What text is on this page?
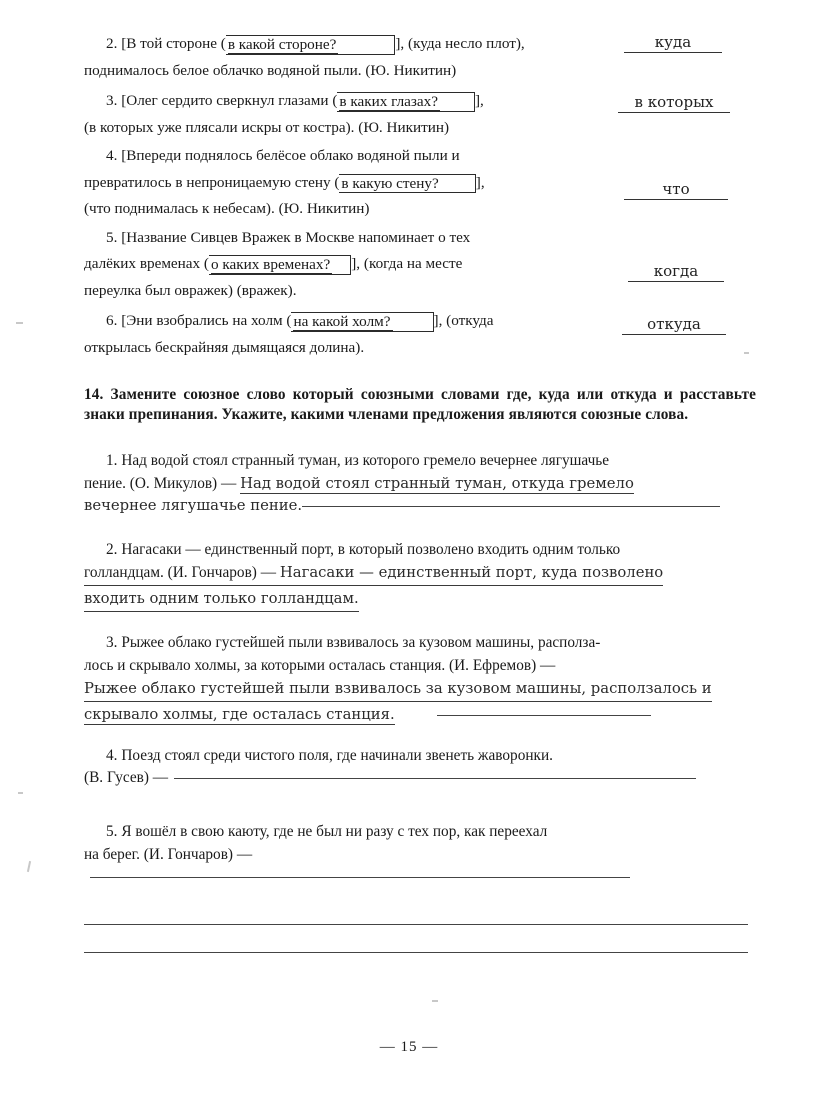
2. [В той стороне ( в какой стороне?	], (куда несло плот),	куда
поднималось белое облачко водяной пыли. (Ю. Никитин)
3. [Олег сердито сверкнул глазами ( в каких глазах? ],	в которых
(в которых уже плясали искры от костра). (Ю. Никитин)
4. [Впереди поднялось белёсое облако водяной пыли и
превратилось в непроницаемую стену ( в какую стену? ],	что
(что поднималась к небесам). (Ю. Никитин)
5. [Название Сивцев Вражек в Москве напоминает о тех
далёких временах ( о каких временах? ], (когда на месте	когда
переулка был овражек) (вражек).
6. [Эни взобрались на холм ( на какой холм?	], (откуда	откуда
открылась бескрайняя дымящаяся долина).
14. Замените союзное слово который союзными словами где, куда или откуда и расставьте знаки препинания. Укажите, какими членами предложения являются союзные слова.
1. Над водой стоял странный туман, из которого гремело вечернее лягушачье
пение. (О. Микулов) — Над водой стоял странный туман, откуда гремело
вечернее лягушачье пение.
2. Нагасаки — единственный порт, в который позволено входить одним только
голландцам. (И. Гончаров) — Нагасаки — единственный порт, куда позволено входить одним только голландцам.
3. Рыжее облако густейшей пыли взвивалось за кузовом машины, располза-
лось и скрывало холмы, за которыми осталась станция. (И. Ефремов) —
Рыжее облако густейшей пыли взвивалось за кузовом машины, расползалось и
скрывало холмы, где осталась станция.
4. Поезд стоял среди чистого поля, где начинали звенеть жаворонки.
(В. Гусев) —
5. Я вошёл в свою каюту, где не был ни разу с тех пор, как переехал
на берег. (И. Гончаров) —
— 15 —
